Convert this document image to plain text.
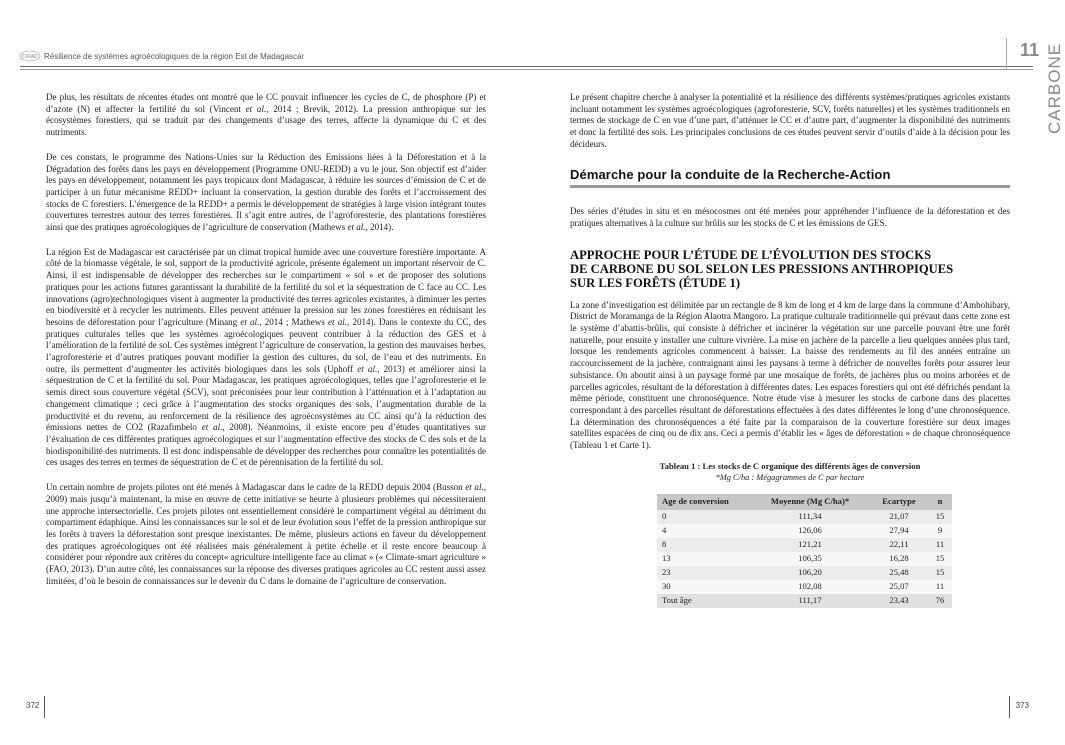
CIRAD Résilience de systèmes agroécologiques de la région Est de Madagascar	11 CARBONE

De plus, les résultats de récentes études ont montré que le CC pouvait influencer les cycles de C, de phosphore (P) et d’azote (N) et affecter la fertilité du sol (Vincent et al., 2014 ; Brevik, 2012). La pression anthropique sur les écosystèmes forestiers, qui se traduit par des changements d’usage des terres, affecte la dynamique du C et des nutriments.

De ces constats, le programme des Nations-Unies sur la Réduction des Emissions liées à la Déforestation et à la Dégradation des forêts dans les pays en développement (Programme ONU-REDD) a vu le jour. Son objectif est d’aider les pays en développement, notamment les pays tropicaux dont Madagascar, à réduire les sources d’émission de C et de participer à un futur mécanisme REDD+ incluant la conservation, la gestion durable des forêts et l’accroissement des stocks de C forestiers. L’émergence de la REDD+ a permis le développement de stratégies à large vision intégrant toutes couvertures terrestres autour des terres forestières. Il s’agit entre autres, de l’agroforesterie, des plantations forestières ainsi que des pratiques agroécologiques de l’agriculture de conservation (Mathews et al., 2014).

La région Est de Madagascar est caractérisée par un climat tropical humide avec une couverture forestière importante. A côté de la biomasse végétale, le sol, support de la productivité agricole, présente également un important réservoir de C. Ainsi, il est indispensable de développer des recherches sur le compartiment « sol » et de proposer des solutions pratiques pour les actions futures garantissant la durabilité de la fertilité du sol et la séquestration de C face au CC. Les innovations (agro)technologiques visent à augmenter la productivité des terres agricoles existantes, à diminuer les pertes en biodiversité et à recycler les nutriments. Elles peuvent atténuer la pression sur les zones forestières en réduisant les besoins de déforestation pour l’agriculture (Minang et al., 2014 ; Mathews et al., 2014). Dans le contexte du CC, des pratiques culturales telles que les systèmes agroécologiques peuvent contribuer à la réduction des GES et à l’amélioration de la fertilité de sol. Ces systèmes intègrent l’agriculture de conservation, la gestion des mauvaises herbes, l’agroforesterie et d’autres pratiques pouvant modifier la gestion des cultures, du sol, de l’eau et des nutriments. En outre, ils permettent d’augmenter les activités biologiques dans les sols (Uphoff et al., 2013) et améliorer ainsi la séquestration de C et la fertilité du sol. Pour Madagascar, les pratiques agroécologiques, telles que l’agroforesterie et le semis direct sous couverture végétal (SCV), sont préconisées pour leur contribution à l’atténuation et à l’adaptation au changement climatique ; ceci grâce à l’augmentation des stocks organiques des sols, l’augmentation durable de la productivité et du revenu, au renforcement de la résilience des agroécosystèmes au CC ainsi qu’à la réduction des émissions nettes de CO2 (Razafimbelo et al., 2008). Néanmoins, il existe encore peu d’études quantitatives sur l’évaluation de ces différentes pratiques agroécologiques et sur l’augmentation effective des stocks de C des sols et de la biodisponibilité des nutriments. Il est donc indispensable de développer des recherches pour connaître les potentialités de ces usages des terres en termes de séquestration de C et de pérennisation de la fertilité du sol.

Un certain nombre de projets pilotes ont été menés à Madagascar dans le cadre de la REDD depuis 2004 (Busson et al., 2009) mais jusqu’à maintenant, la mise en œuvre de cette initiative se heurte à plusieurs problèmes qui nécessiteraient une approche intersectorielle. Ces projets pilotes ont essentiellement considéré le compartiment végétal au détriment du compartiment édaphique. Ainsi les connaissances sur le sol et de leur évolution sous l’effet de la pression anthropique sur les forêts à travers la déforestation sont presque inexistantes. De même, plusieurs actions en faveur du développement des pratiques agroécologiques ont été réalisées mais généralement à petite échelle et il reste encore beaucoup à considérer pour répondre aux critères du concept« agriculture intelligente face au climat » (« Climate-smart agriculture » (FAO, 2013). D’un autre côté, les connaissances sur la réponse des diverses pratiques agricoles au CC restent aussi assez limitées, d’où le besoin de connaissances sur le devenir du C dans le domaine de l’agriculture de conservation.

Le présent chapitre cherche à analyser la potentialité et la résilience des différents systèmes/pratiques agricoles existants incluant notamment les systèmes agroécologiques (agroforesterie, SCV, forêts naturelles) et les systèmes traditionnels en termes de stockage de C en vue d’une part, d’atténuer le CC et d’autre part, d’augmenter la disponibilité des nutriments et donc la fertilité des sols. Les principales conclusions de ces études peuvent servir d’outils d’aide à la décision pour les décideurs.

Démarche pour la conduite de la Recherche-Action

Des séries d’études in situ et en mésocosmes ont été menées pour appréhender l’influence de la déforestation et des pratiques alternatives à la culture sur brûlis sur les stocks de C et les émissions de GES.

APPROCHE POUR L’ÉTUDE DE L’ÉVOLUTION DES STOCKS
DE CARBONE DU SOL SELON LES PRESSIONS ANTHROPIQUES
SUR LES FORÊTS (ÉTUDE 1)

La zone d’investigation est délimitée par un rectangle de 8 km de long et 4 km de large dans la commune d’Ambohibary, District de Moramanga de la Région Alaotra Mangoro. La pratique culturale traditionnelle qui prévaut dans cette zone est le système d’abattis-brûlis, qui consiste à défricher et incinérer la végétation sur une parcelle pouvant être une forêt naturelle, pour ensuite y installer une culture vivrière. La mise en jachère de la parcelle a lieu quelques années plus tard, lorsque les rendements agricoles commencent à baisser. La baisse des rendements au fil des années entraîne un raccourcissement de la jachère, contraignant ainsi les paysans à terme à défricher de nouvelles forêts pour assurer leur subsistance. On aboutit ainsi à un paysage formé par une mosaïque de forêts, de jachères plus ou moins arborées et de parcelles agricoles, résultant de la déforestation à différentes dates. Les espaces forestiers qui ont été défrichés pendant la même période, constituent une chronoséquence. Notre étude vise à mesurer les stocks de carbone dans des placettes correspondant à des parcelles résultant de déforestations effectuées à des dates différentes le long d’une chronoséquence. La détermination des chronoséquences a été faite par la comparaison de la couverture forestière sur deux images satellites espacées de cinq ou de dix ans. Ceci a permis d’établir les « âges de déforestation » de chaque chronoséquence (Tableau 1 et Carte 1).

Tableau 1 : Les stocks de C organique des différents âges de conversion
*Mg C/ha : Mégagrammes de C par hectare
Age de conversion	Moyenne (Mg C/ha)*	Ecartype	n
0	111,34	21,07	15
4	126,06	27,94	9
8	121,21	22,11	11
13	106,35	16,28	15
23	106,20	25,48	15
30	102,08	25,07	11
Tout âge	111,17	23,43	76
372	373
